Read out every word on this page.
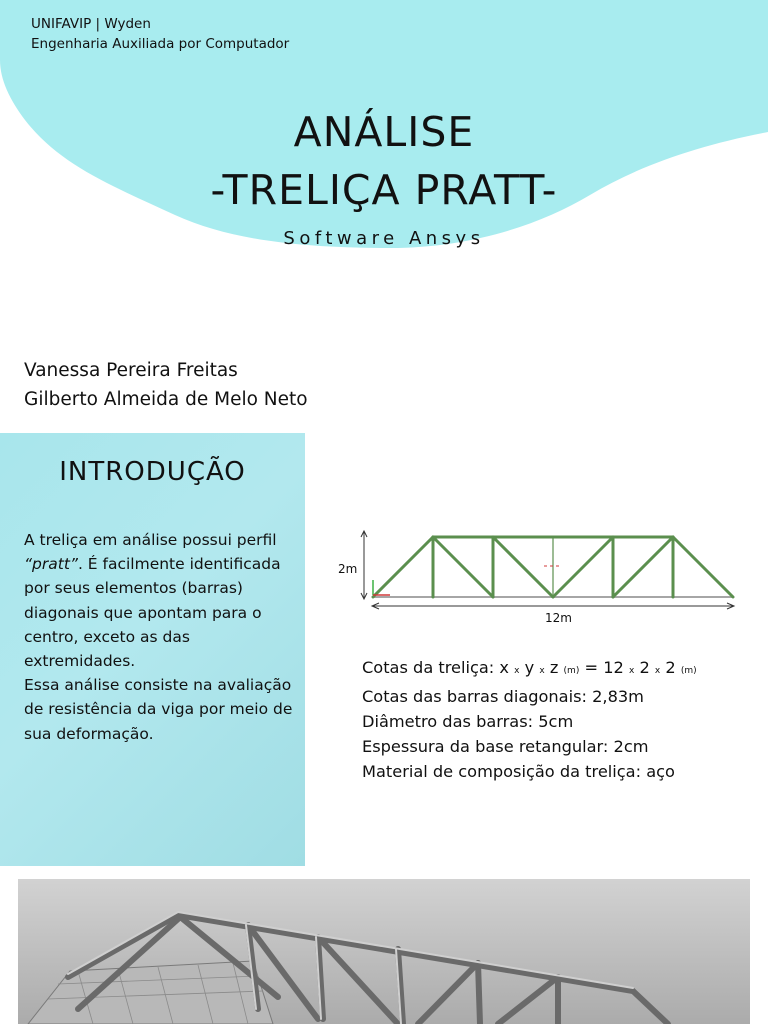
UNIFAVIP | Wyden
Engenharia Auxiliada por Computador
ANÁLISE
-TRELIÇA PRATT-
Software Ansys
Vanessa Pereira Freitas
Gilberto Almeida de Melo Neto
INTRODUÇÃO

A treliça em análise possui perfil “pratt”. É facilmente identificada por seus elementos (barras) diagonais que apontam para o centro, exceto as das extremidades.

Essa análise consiste na avaliação de resistência da viga por meio de sua deformação.

2m
12m
Cotas da treliça: x x y x z (m) = 12 x 2 x 2 (m)
Cotas das barras diagonais: 2,83m
Diâmetro das barras: 5cm
Espessura da base retangular: 2cm
Material de composição da treliça: aço
